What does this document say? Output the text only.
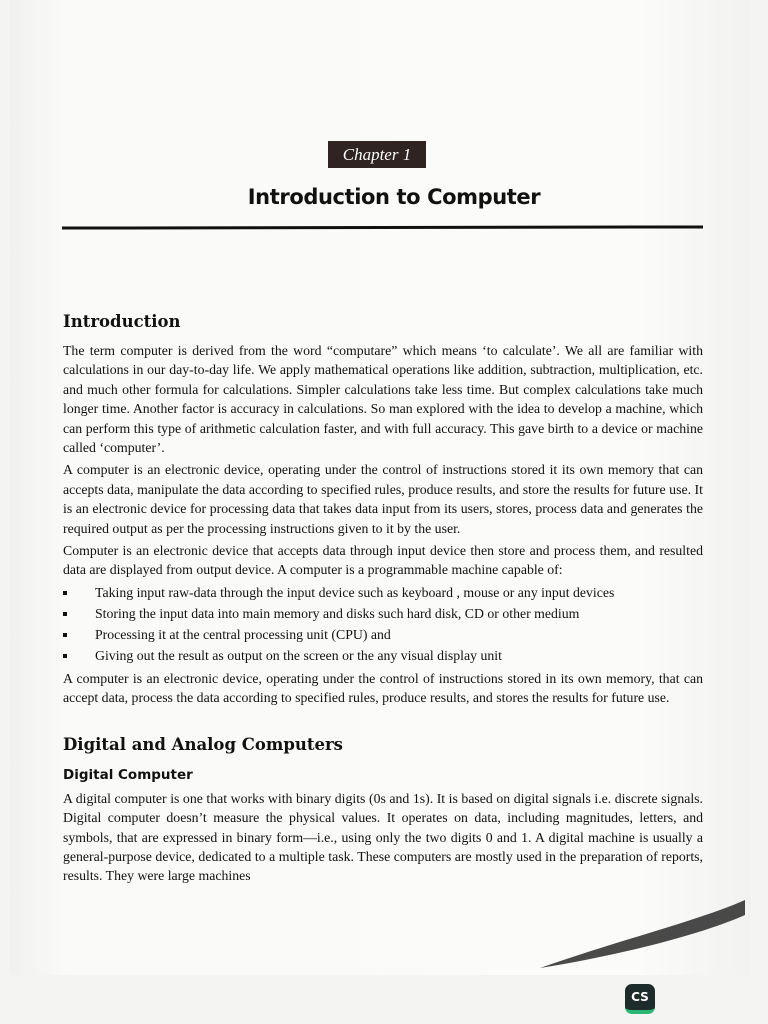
Chapter 1
Introduction to Computer
Introduction

The term computer is derived from the word “computare” which means ‘to calculate’. We all are familiar with calculations in our day-to-day life. We apply mathematical operations like addition, subtraction, multiplication, etc. and much other formula for calculations. Simpler calculations take less time. But complex calculations take much longer time. Another factor is accuracy in calculations. So man explored with the idea to develop a machine, which can perform this type of arithmetic calculation faster, and with full accuracy. This gave birth to a device or machine called ‘computer’.

A computer is an electronic device, operating under the control of instructions stored it its own memory that can accepts data, manipulate the data according to specified rules, produce results, and store the results for future use. It is an electronic device for processing data that takes data input from its users, stores, process data and generates the required output as per the processing instructions given to it by the user.

Computer is an electronic device that accepts data through input device then store and process them, and resulted data are displayed from output device. A computer is a programmable machine capable of:

Taking input raw-data through the input device such as keyboard , mouse or any input devices
Storing the input data into main memory and disks such hard disk, CD or other medium
Processing it at the central processing unit (CPU) and
Giving out the result as output on the screen or the any visual display unit

A computer is an electronic device, operating under the control of instructions stored in its own memory, that can accept data, process the data according to specified rules, produce results, and stores the results for future use.

Digital and Analog Computers
Digital Computer

A digital computer is one that works with binary digits (0s and 1s). It is based on digital signals i.e. discrete signals. Digital computer doesn’t measure the physical values. It operates on data, including magnitudes, letters, and symbols, that are expressed in binary form—i.e., using only the two digits 0 and 1. A digital machine is usually a general-purpose device, dedicated to a multiple task. These computers are mostly used in the preparation of reports, results. They were large machines

CS
